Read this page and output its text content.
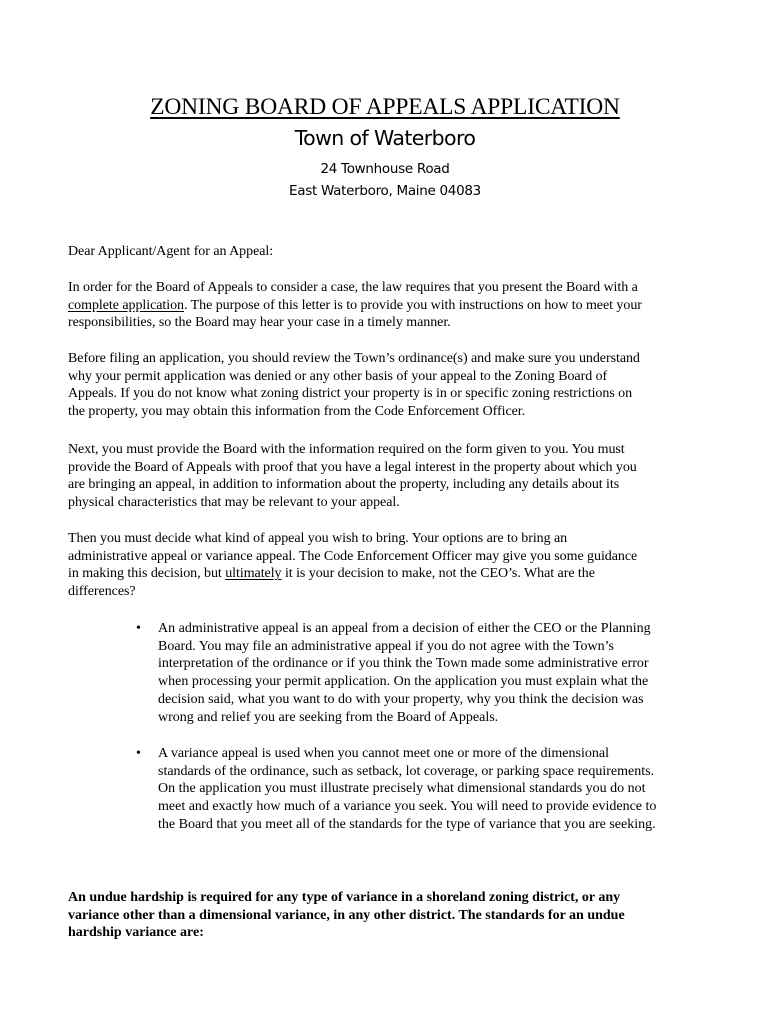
ZONING BOARD OF APPEALS APPLICATION
Town of Waterboro
24 Townhouse Road
East Waterboro, Maine 04083
Dear Applicant/Agent for an Appeal:
In order for the Board of Appeals to consider a case, the law requires that you present the Board with a
complete application. The purpose of this letter is to provide you with instructions on how to meet your
responsibilities, so the Board may hear your case in a timely manner.
Before filing an application, you should review the Town’s ordinance(s) and make sure you understand
why your permit application was denied or any other basis of your appeal to the Zoning Board of
Appeals. If you do not know what zoning district your property is in or specific zoning restrictions on
the property, you may obtain this information from the Code Enforcement Officer.
Next, you must provide the Board with the information required on the form given to you. You must
provide the Board of Appeals with proof that you have a legal interest in the property about which you
are bringing an appeal, in addition to information about the property, including any details about its
physical characteristics that may be relevant to your appeal.
Then you must decide what kind of appeal you wish to bring. Your options are to bring an
administrative appeal or variance appeal. The Code Enforcement Officer may give you some guidance
in making this decision, but ultimately it is your decision to make, not the CEO’s. What are the
differences?
• An administrative appeal is an appeal from a decision of either the CEO or the Planning
Board. You may file an administrative appeal if you do not agree with the Town’s
interpretation of the ordinance or if you think the Town made some administrative error
when processing your permit application. On the application you must explain what the
decision said, what you want to do with your property, why you think the decision was
wrong and relief you are seeking from the Board of Appeals.
• A variance appeal is used when you cannot meet one or more of the dimensional
standards of the ordinance, such as setback, lot coverage, or parking space requirements.
On the application you must illustrate precisely what dimensional standards you do not
meet and exactly how much of a variance you seek. You will need to provide evidence to
the Board that you meet all of the standards for the type of variance that you are seeking.
An undue hardship is required for any type of variance in a shoreland zoning district, or any
variance other than a dimensional variance, in any other district. The standards for an undue
hardship variance are:
